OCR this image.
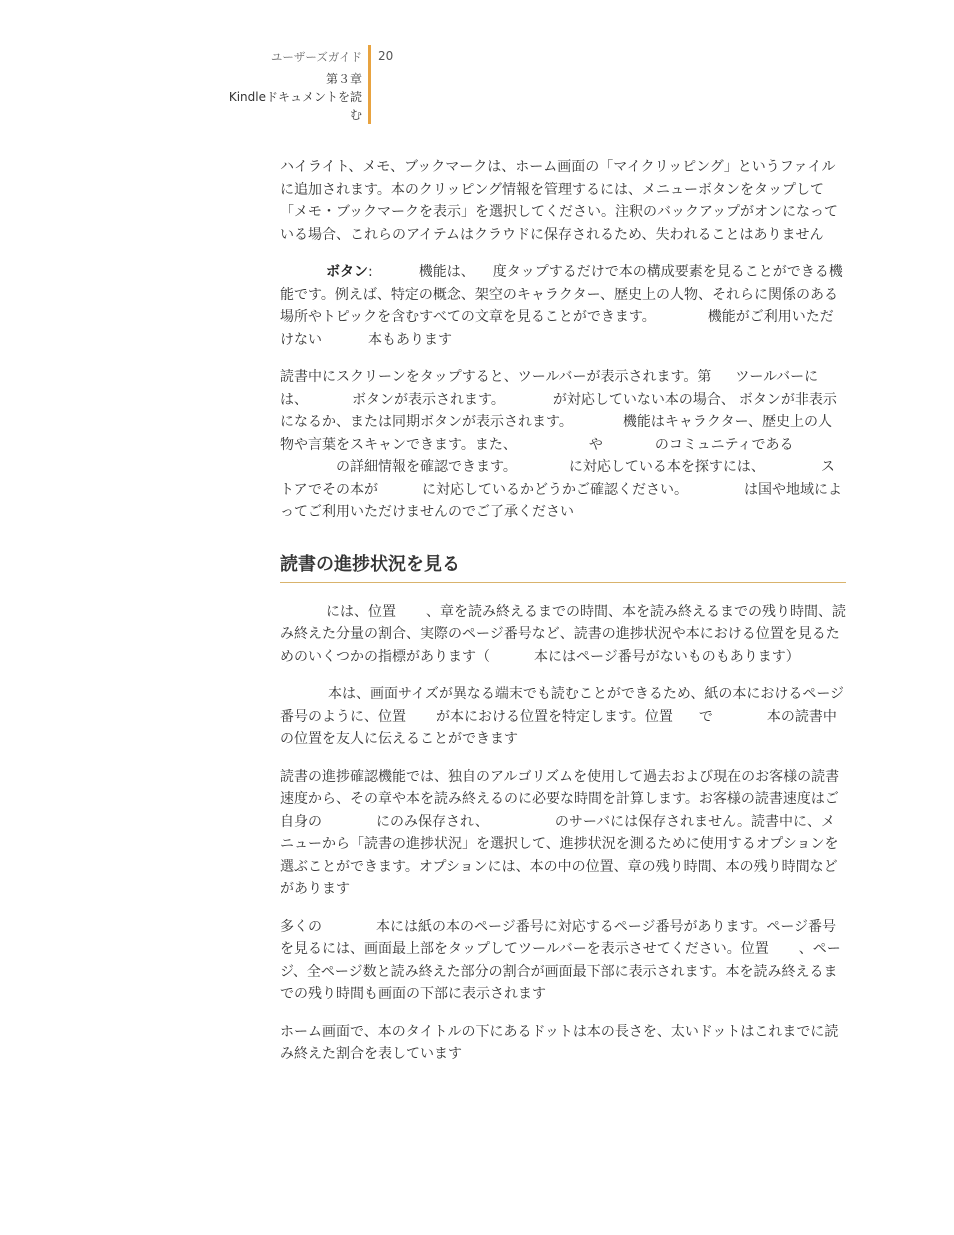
ユーザーズガイド
第３章
Kindleドキュメントを読
む
20

ハイライト、メモ、ブックマークは、ホーム画面の「マイクリッピング」というファイルに追加されます。本のクリッピング情報を管理するには、メニューボタンをタップして「メモ・ブックマークを表示」を選択してください。注釈のバックアップがオンになっている場合、これらのアイテムはクラウドに保存されるため、失われることはありません

ボタン:	機能は、 度タップするだけで本の構成要素を見ることができる機能です。例えば、特定の概念、架空のキャラクター、歴史上の人物、それらに関係のある場所やトピックを含むすべての文章を見ることができます。	機能がご利用いただけない	本もあります

読書中にスクリーンをタップすると、ツールバーが表示されます。第 ツールバーには、	ボタンが表示されます。	が対応していない本の場合、 ボタンが非表示になるか、または同期ボタンが表示されます。	機能はキャラクター、歴史上の人物や言葉をスキャンできます。また、	や	のコミュニティであるの詳細情報を確認できます。	に対応している本を探すには、	ストアでその本が	に対応しているかどうかご確認ください。	は国や地域によってご利用いただけませんのでご了承ください

読書の進捗状況を見る

には、位置 、章を読み終えるまでの時間、本を読み終えるまでの残り時間、読み終えた分量の割合、実際のページ番号など、読書の進捗状況や本における位置を見るためのいくつかの指標があります（	本にはページ番号がないものもあります）

本は、画面サイズが異なる端末でも読むことができるため、紙の本におけるページ番号のように、位置 が本における位置を特定します。位置 で	本の読書中の位置を友人に伝えることができます

読書の進捗確認機能では、独自のアルゴリズムを使用して過去および現在のお客様の読書速度から、その章や本を読み終えるのに必要な時間を計算します。お客様の読書速度はご自身の	にのみ保存され、	のサーバには保存されません。読書中に、メニューから「読書の進捗状況」を選択して、進捗状況を測るために使用するオプションを選ぶことができます。オプションには、本の中の位置、章の残り時間、本の残り時間などがあります

多くの	本には紙の本のページ番号に対応するページ番号があります。ページ番号を見るには、画面最上部をタップしてツールバーを表示させてください。位置 、ページ、全ページ数と読み終えた部分の割合が画面最下部に表示されます。本を読み終えるまでの残り時間も画面の下部に表示されます

ホーム画面で、本のタイトルの下にあるドットは本の長さを、太いドットはこれまでに読み終えた割合を表しています
